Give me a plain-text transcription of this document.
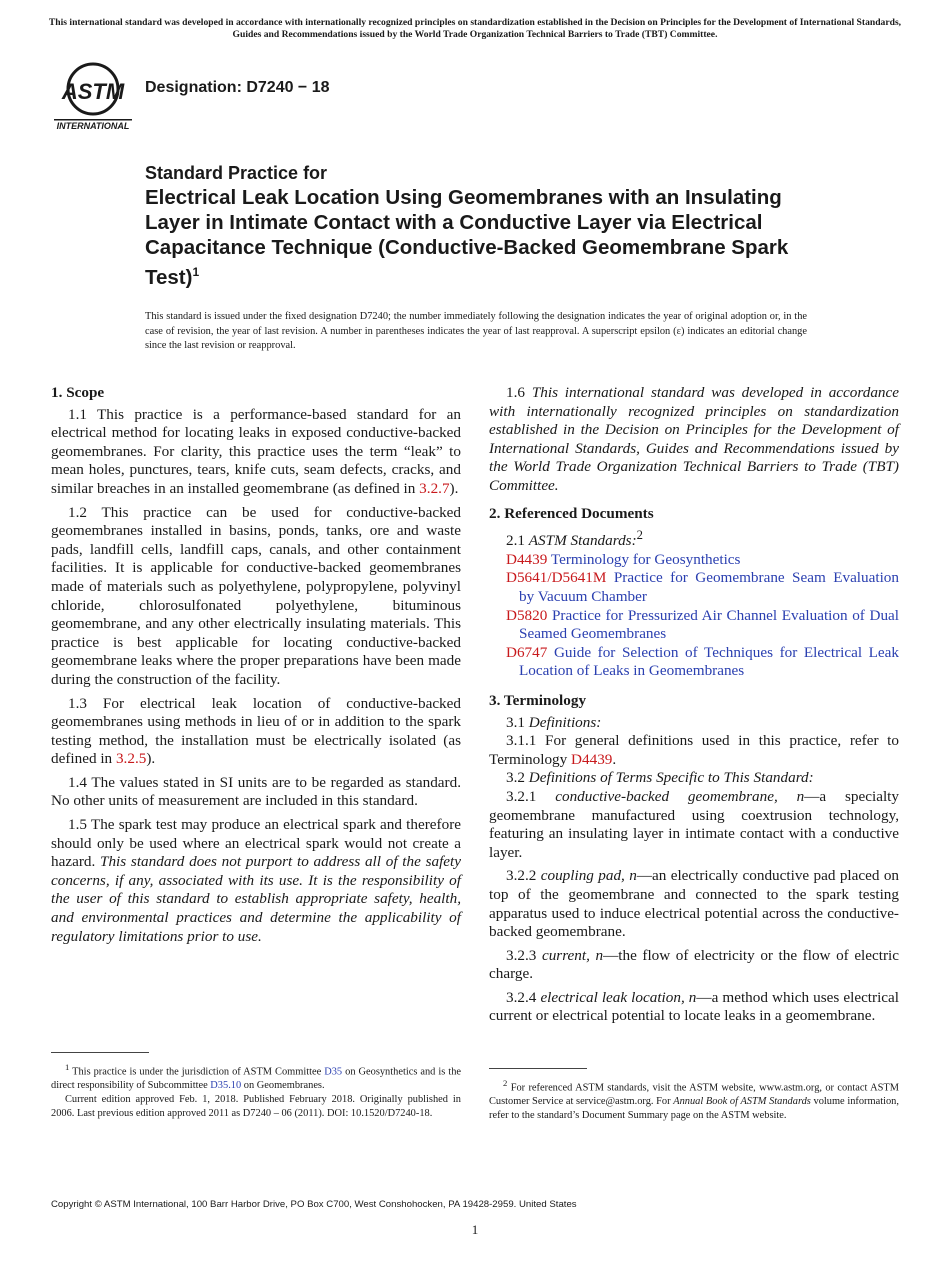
This international standard was developed in accordance with internationally recognized principles on standardization established in the Decision on Principles for the Development of International Standards, Guides and Recommendations issued by the World Trade Organization Technical Barriers to Trade (TBT) Committee.
ASTM
INTERNATIONAL
Designation: D7240 − 18
Standard Practice for
Electrical Leak Location Using Geomembranes with an Insulating Layer in Intimate Contact with a Conductive Layer via Electrical Capacitance Technique (Conductive-Backed Geomembrane Spark Test)$^1$
This standard is issued under the fixed designation D7240; the number immediately following the designation indicates the year of original adoption or, in the case of revision, the year of last revision. A number in parentheses indicates the year of last reapproval. A superscript epsilon (ε) indicates an editorial change since the last revision or reapproval.
1. Scope

1.1 This practice is a performance-based standard for an electrical method for locating leaks in exposed conductive-backed geomembranes. For clarity, this practice uses the term “leak” to mean holes, punctures, tears, knife cuts, seam defects, cracks, and similar breaches in an installed geomembrane (as defined in 3.2.7).

1.2 This practice can be used for conductive-backed geomembranes installed in basins, ponds, tanks, ore and waste pads, landfill cells, landfill caps, canals, and other containment facilities. It is applicable for conductive-backed geomembranes made of materials such as polyethylene, polypropylene, polyvinyl chloride, chlorosulfonated polyethylene, bituminous geomembrane, and any other electrically insulating materials. This practice is best applicable for locating conductive-backed geomembrane leaks where the proper preparations have been made during the construction of the facility.

1.3 For electrical leak location of conductive-backed geomembranes using methods in lieu of or in addition to the spark testing method, the installation must be electrically isolated (as defined in 3.2.5).

1.4 The values stated in SI units are to be regarded as standard. No other units of measurement are included in this standard.

1.5 The spark test may produce an electrical spark and therefore should only be used where an electrical spark would not create a hazard. This standard does not purport to address all of the safety concerns, if any, associated with its use. It is the responsibility of the user of this standard to establish appropriate safety, health, and environmental practices and determine the applicability of regulatory limitations prior to use.

$^1$ This practice is under the jurisdiction of ASTM Committee D35 on Geosynthetics and is the direct responsibility of Subcommittee D35.10 on Geomembranes.

Current edition approved Feb. 1, 2018. Published February 2018. Originally published in 2006. Last previous edition approved 2011 as D7240 – 06 (2011). DOI: 10.1520/D7240-18.

1.6 This international standard was developed in accordance with internationally recognized principles on standardization established in the Decision on Principles for the Development of International Standards, Guides and Recommendations issued by the World Trade Organization Technical Barriers to Trade (TBT) Committee.

2. Referenced Documents
2.1 ASTM Standards:$^2$
D4439 Terminology for Geosynthetics
D5641/D5641M Practice for Geomembrane Seam Evaluation by Vacuum Chamber
D5820 Practice for Pressurized Air Channel Evaluation of Dual Seamed Geomembranes
D6747 Guide for Selection of Techniques for Electrical Leak Location of Leaks in Geomembranes
3. Terminology
3.1 Definitions:

3.1.1 For general definitions used in this practice, refer to Terminology D4439.

3.2 Definitions of Terms Specific to This Standard:

3.2.1 conductive-backed geomembrane, n—a specialty geomembrane manufactured using coextrusion technology, featuring an insulating layer in intimate contact with a conductive layer.

3.2.2 coupling pad, n—an electrically conductive pad placed on top of the geomembrane and connected to the spark testing apparatus used to induce electrical potential across the conductive-backed geomembrane.

3.2.3 current, n—the flow of electricity or the flow of electric charge.

3.2.4 electrical leak location, n—a method which uses electrical current or electrical potential to locate leaks in a geomembrane.

$^2$ For referenced ASTM standards, visit the ASTM website, www.astm.org, or contact ASTM Customer Service at service@astm.org. For Annual Book of ASTM Standards volume information, refer to the standard’s Document Summary page on the ASTM website.

Copyright © ASTM International, 100 Barr Harbor Drive, PO Box C700, West Conshohocken, PA 19428-2959. United States
1
